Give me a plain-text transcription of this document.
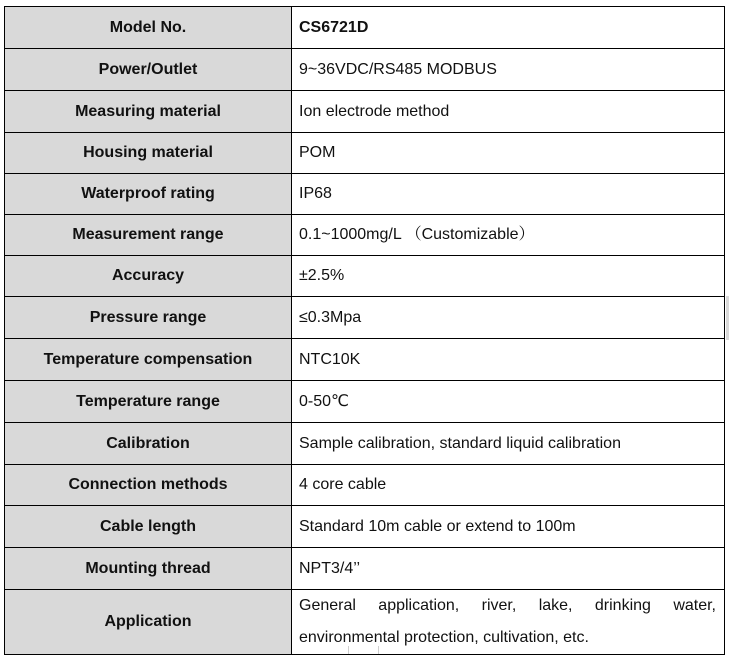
Model No.	CS6721D
Power/Outlet	9~36VDC/RS485 MODBUS
Measuring material	Ion electrode method
Housing material	POM
Waterproof rating	IP68
Measurement range	0.1~1000mg/L （Customizable）
Accuracy	±2.5%
Pressure range	≤0.3Mpa
Temperature compensation	NTC10K
Temperature range	0-50℃
Calibration	Sample calibration, standard liquid calibration
Connection methods	4 core cable
Cable length	Standard 10m cable or extend to 100m
Mounting thread	NPT3/4’’
Application	General application, river, lake, drinking water, environmental protection, cultivation, etc.
